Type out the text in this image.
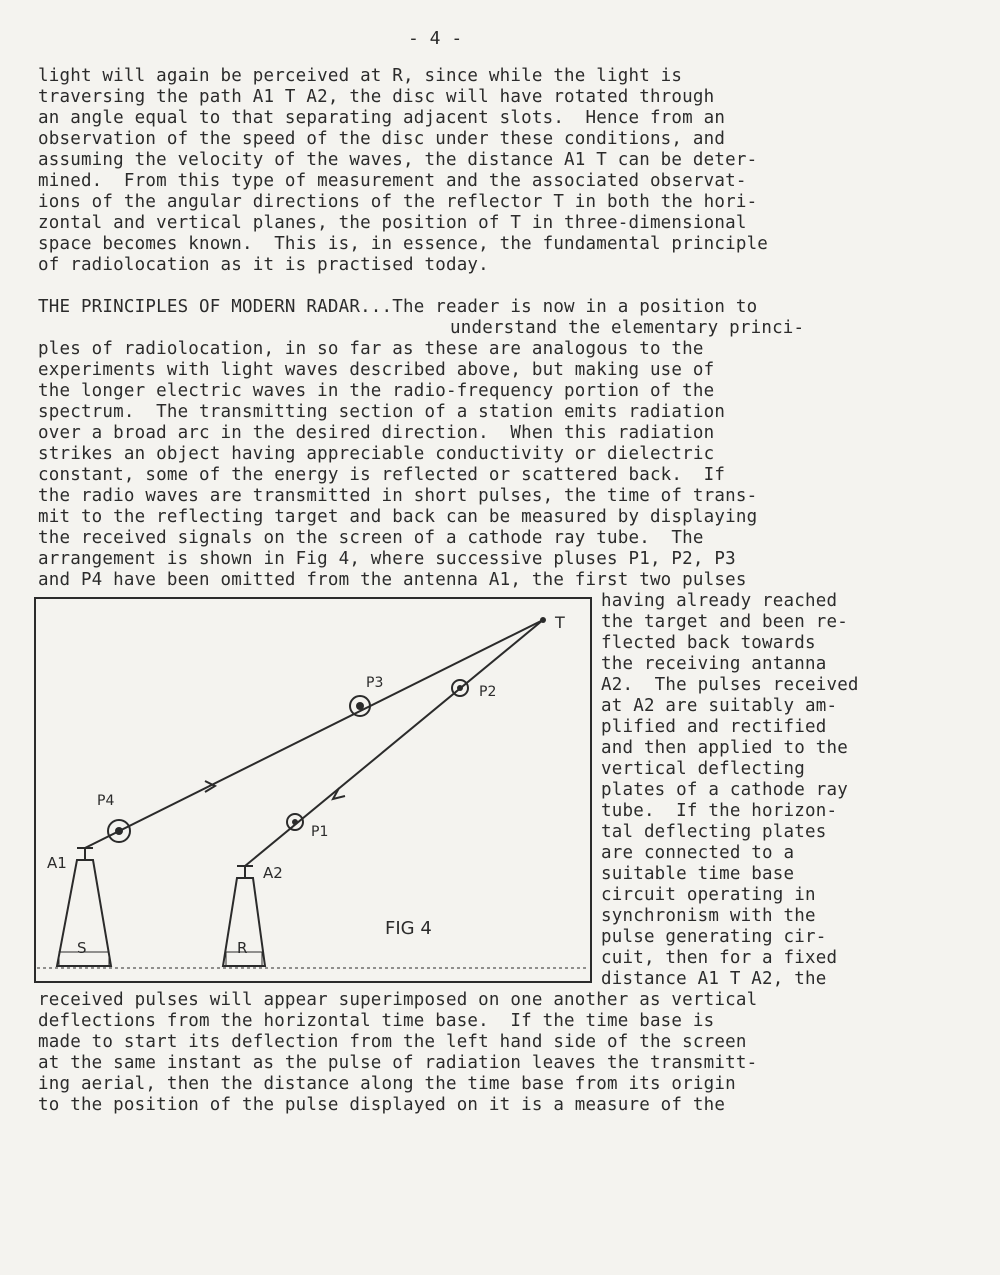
- 4 -
light will again be perceived at R, since while the light is
traversing the path A1 T A2, the disc will have rotated through
an angle equal to that separating adjacent slots.  Hence from an
observation of the speed of the disc under these conditions, and
assuming the velocity of the waves, the distance A1 T can be deter-
mined.  From this type of measurement and the associated observat-
ions of the angular directions of the reflector T in both the hori-
zontal and vertical planes, the position of T in three-dimensional
space becomes known.  This is, in essence, the fundamental principle
of radiolocation as it is practised today.
THE PRINCIPLES OF MODERN RADAR...The reader is now in a position to
understand the elementary princi-
ples of radiolocation, in so far as these are analogous to the
experiments with light waves described above, but making use of
the longer electric waves in the radio-frequency portion of the
spectrum.  The transmitting section of a station emits radiation
over a broad arc in the desired direction.  When this radiation
strikes an object having appreciable conductivity or dielectric
constant, some of the energy is reflected or scattered back.  If
the radio waves are transmitted in short pulses, the time of trans-
mit to the reflecting target and back can be measured by displaying
the received signals on the screen of a cathode ray tube.  The
arrangement is shown in Fig 4, where successive pluses P1, P2, P3
and P4 have been omitted from the antenna A1, the first two pulses
T
P3
P2
P4
P1
A1
S
A2
R
FIG 4
having already reached
the target and been re-
flected back towards
the receiving antanna
A2.  The pulses received
at A2 are suitably am-
plified and rectified
and then applied to the
vertical deflecting
plates of a cathode ray
tube.  If the horizon-
tal deflecting plates
are connected to a
suitable time base
circuit operating in
synchronism with the
pulse generating cir-
cuit, then for a fixed
distance A1 T A2, the
received pulses will appear superimposed on one another as vertical
deflections from the horizontal time base.  If the time base is
made to start its deflection from the left hand side of the screen
at the same instant as the pulse of radiation leaves the transmitt-
ing aerial, then the distance along the time base from its origin
to the position of the pulse displayed on it is a measure of the
